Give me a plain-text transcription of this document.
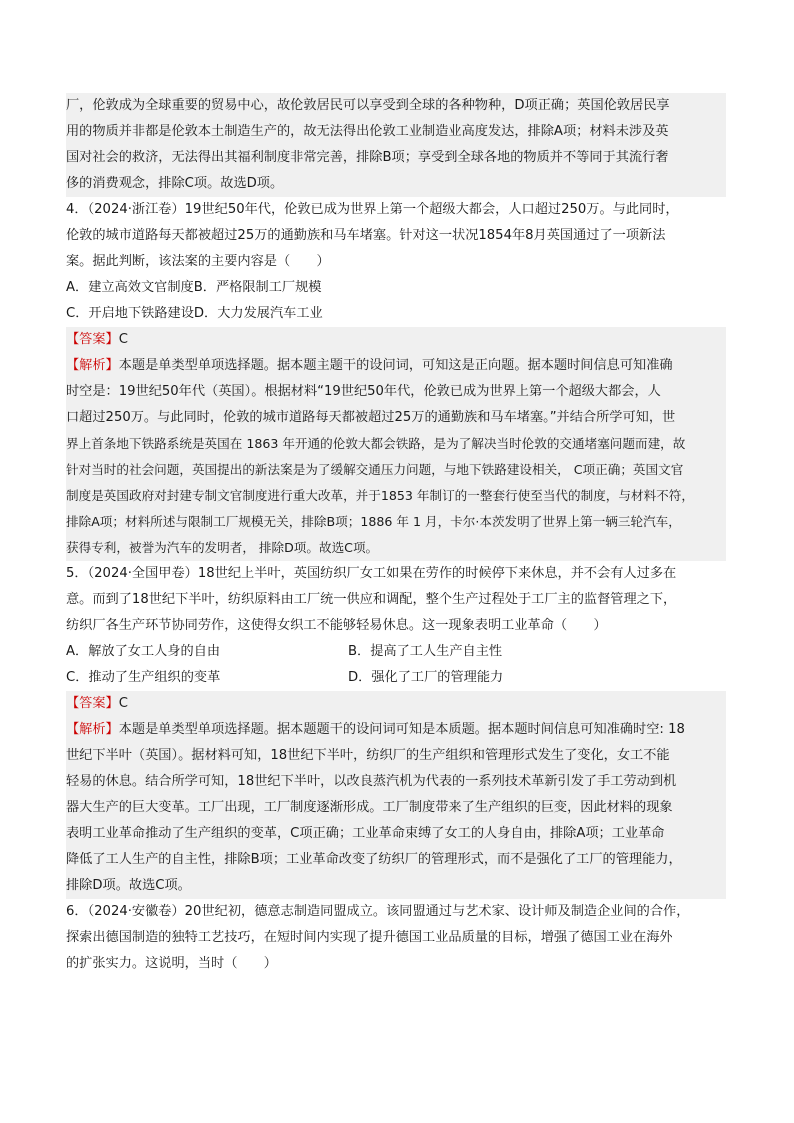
厂，伦敦成为全球重要的贸易中心，故伦敦居民可以享受到全球的各种物种，D项正确；英国伦敦居民享
用的物质并非都是伦敦本土制造生产的，故无法得出伦敦工业制造业高度发达，排除A项；材料未涉及英
国对社会的救济，无法得出其福利制度非常完善，排除B项；享受到全球各地的物质并不等同于其流行奢
侈的消费观念，排除C项。故选D项。
4．（2024·浙江卷）19世纪50年代，伦敦已成为世界上第一个超级大都会，人口超过250万。与此同时，
伦敦的城市道路每天都被超过25万的通勤族和马车堵塞。针对这一状况1854年8月英国通过了一项新法
案。据此判断，该法案的主要内容是（　　）
A．建立高效文官制度B．严格限制工厂规模
C．开启地下铁路建设D．大力发展汽车工业
【答案】C
【解析】本题是单类型单项选择题。据本题主题干的设问词，可知这是正向题。据本题时间信息可知准确
时空是：19世纪50年代（英国）。根据材料“19世纪50年代，伦敦已成为世界上第一个超级大都会，人
口超过250万。与此同时，伦敦的城市道路每天都被超过25万的通勤族和马车堵塞。”并结合所学可知，世
界上首条地下铁路系统是英国在 1863 年开通的伦敦大都会铁路，是为了解决当时伦敦的交通堵塞问题而建，故
针对当时的社会问题，英国提出的新法案是为了缓解交通压力问题，与地下铁路建设相关， C项正确；英国文官
制度是英国政府对封建专制文官制度进行重大改革，并于1853 年制订的一整套行使至当代的制度，与材料不符，
排除A项；材料所述与限制工厂规模无关，排除B项；1886 年 1 月，卡尔·本茨发明了世界上第一辆三轮汽车，
获得专利，被誉为汽车的发明者， 排除D项。故选C项。
5．（2024·全国甲卷）18世纪上半叶，英国纺织厂女工如果在劳作的时候停下来休息，并不会有人过多在
意。而到了18世纪下半叶，纺织原料由工厂统一供应和调配，整个生产过程处于工厂主的监督管理之下，
纺织厂各生产环节协同劳作，这使得女织工不能够轻易休息。这一现象表明工业革命（　　）
A．解放了女工人身的自由	B．提高了工人生产自主性
C．推动了生产组织的变革	D．强化了工厂的管理能力
【答案】C
【解析】本题是单类型单项选择题。据本题题干的设问词可知是本质题。据本题时间信息可知准确时空: 18
世纪下半叶（英国）。据材料可知，18世纪下半叶，纺织厂的生产组织和管理形式发生了变化，女工不能
轻易的休息。结合所学可知，18世纪下半叶，以改良蒸汽机为代表的一系列技术革新引发了手工劳动到机
器大生产的巨大变革。工厂出现，工厂制度逐渐形成。工厂制度带来了生产组织的巨变，因此材料的现象
表明工业革命推动了生产组织的变革，C项正确；工业革命束缚了女工的人身自由，排除A项；工业革命
降低了工人生产的自主性，排除B项；工业革命改变了纺织厂的管理形式，而不是强化了工厂的管理能力，
排除D项。故选C项。
6．（2024·安徽卷）20世纪初，德意志制造同盟成立。该同盟通过与艺术家、设计师及制造企业间的合作，
探索出德国制造的独特工艺技巧，在短时间内实现了提升德国工业品质量的目标，增强了德国工业在海外
的扩张实力。这说明，当时（　　）
